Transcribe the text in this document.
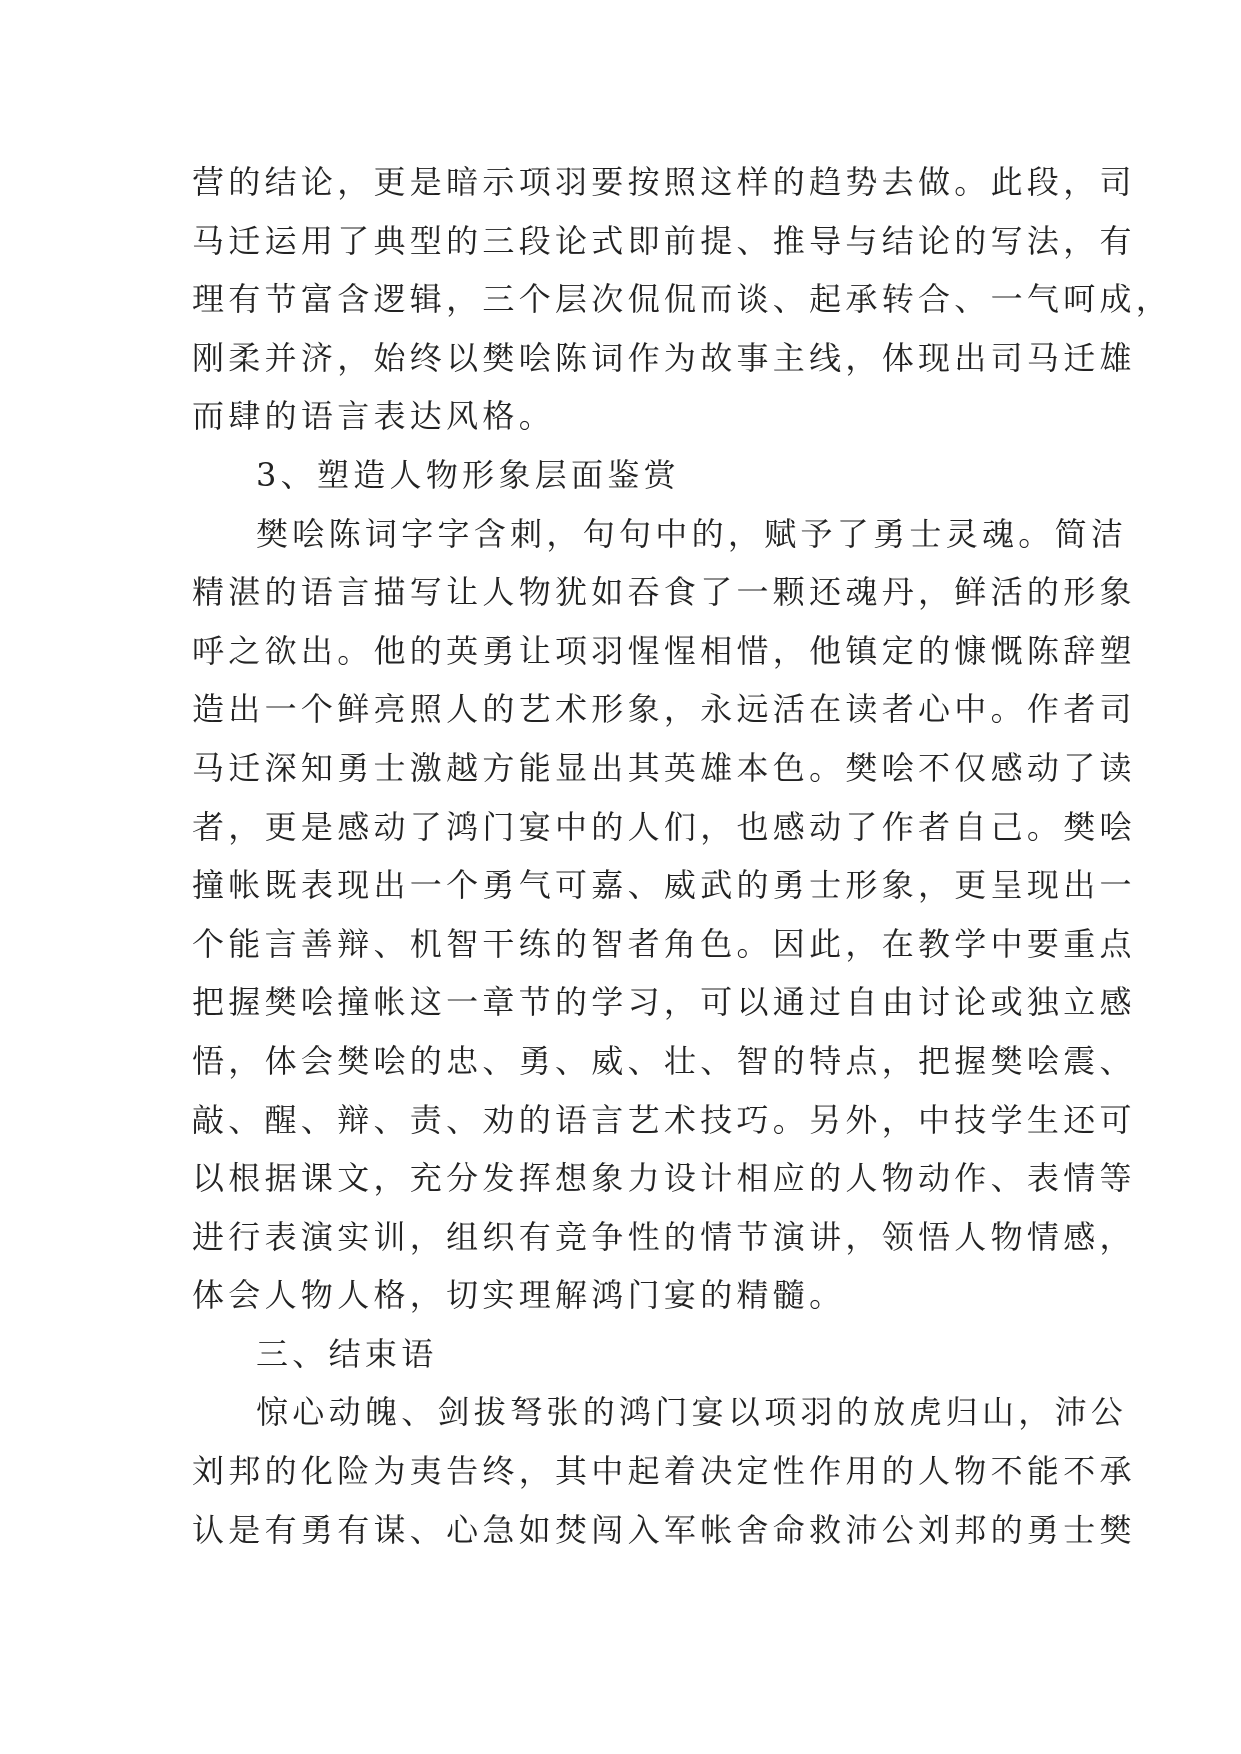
营的结论，更是暗示项羽要按照这样的趋势去做。此段，司
马迁运用了典型的三段论式即前提、推导与结论的写法，有
理有节富含逻辑，三个层次侃侃而谈、起承转合、一气呵成，
刚柔并济，始终以樊哙陈词作为故事主线，体现出司马迁雄
而肆的语言表达风格。
3、塑造人物形象层面鉴赏
樊哙陈词字字含刺，句句中的，赋予了勇士灵魂。简洁
精湛的语言描写让人物犹如吞食了一颗还魂丹，鲜活的形象
呼之欲出。他的英勇让项羽惺惺相惜，他镇定的慷慨陈辞塑
造出一个鲜亮照人的艺术形象，永远活在读者心中。作者司
马迁深知勇士激越方能显出其英雄本色。樊哙不仅感动了读
者，更是感动了鸿门宴中的人们，也感动了作者自己。樊哙
撞帐既表现出一个勇气可嘉、威武的勇士形象，更呈现出一
个能言善辩、机智干练的智者角色。因此，在教学中要重点
把握樊哙撞帐这一章节的学习，可以通过自由讨论或独立感
悟，体会樊哙的忠、勇、威、壮、智的特点，把握樊哙震、
敲、醒、辩、责、劝的语言艺术技巧。另外，中技学生还可
以根据课文，充分发挥想象力设计相应的人物动作、表情等
进行表演实训，组织有竞争性的情节演讲，领悟人物情感，
体会人物人格，切实理解鸿门宴的精髓。
三、结束语
惊心动魄、剑拔弩张的鸿门宴以项羽的放虎归山，沛公
刘邦的化险为夷告终，其中起着决定性作用的人物不能不承
认是有勇有谋、心急如焚闯入军帐舍命救沛公刘邦的勇士樊
